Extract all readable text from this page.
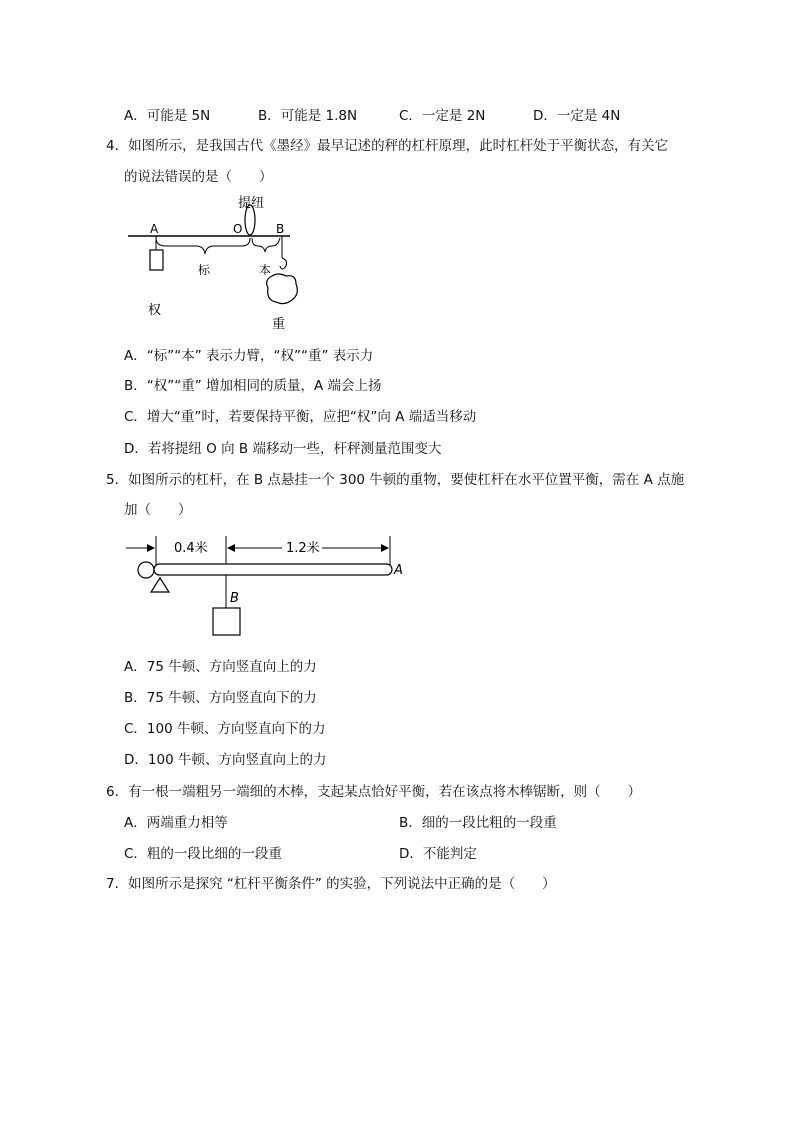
A．可能是 5N	B．可能是 1.8N	C．一定是 2N	D．一定是 4N
4．如图所示，是我国古代《墨经》最早记述的秤的杠杆原理，此时杠杆处于平衡状态，有关它
的说法错误的是（　　）
提纽
A	O	B
标	本
权
重
A．“标”“本” 表示力臂，“权”“重” 表示力
B．“权”“重” 增加相同的质量，A 端会上扬
C．增大“重”时，若要保持平衡，应把“权”向 A 端适当移动
D．若将提纽 O 向 B 端移动一些，杆秤测量范围变大
5．如图所示的杠杆，在 B 点悬挂一个 300 牛顿的重物，要使杠杆在水平位置平衡，需在 A 点施
加（　　）
0.4米	1.2米
A
B
A．75 牛顿、方向竖直向上的力
B．75 牛顿、方向竖直向下的力
C．100 牛顿、方向竖直向下的力
D．100 牛顿、方向竖直向上的力
6．有一根一端粗另一端细的木棒，支起某点恰好平衡，若在该点将木棒锯断，则（　　）
A．两端重力相等	B．细的一段比粗的一段重
C．粗的一段比细的一段重	D．不能判定
7．如图所示是探究 “杠杆平衡条件” 的实验，下列说法中正确的是（　　）
